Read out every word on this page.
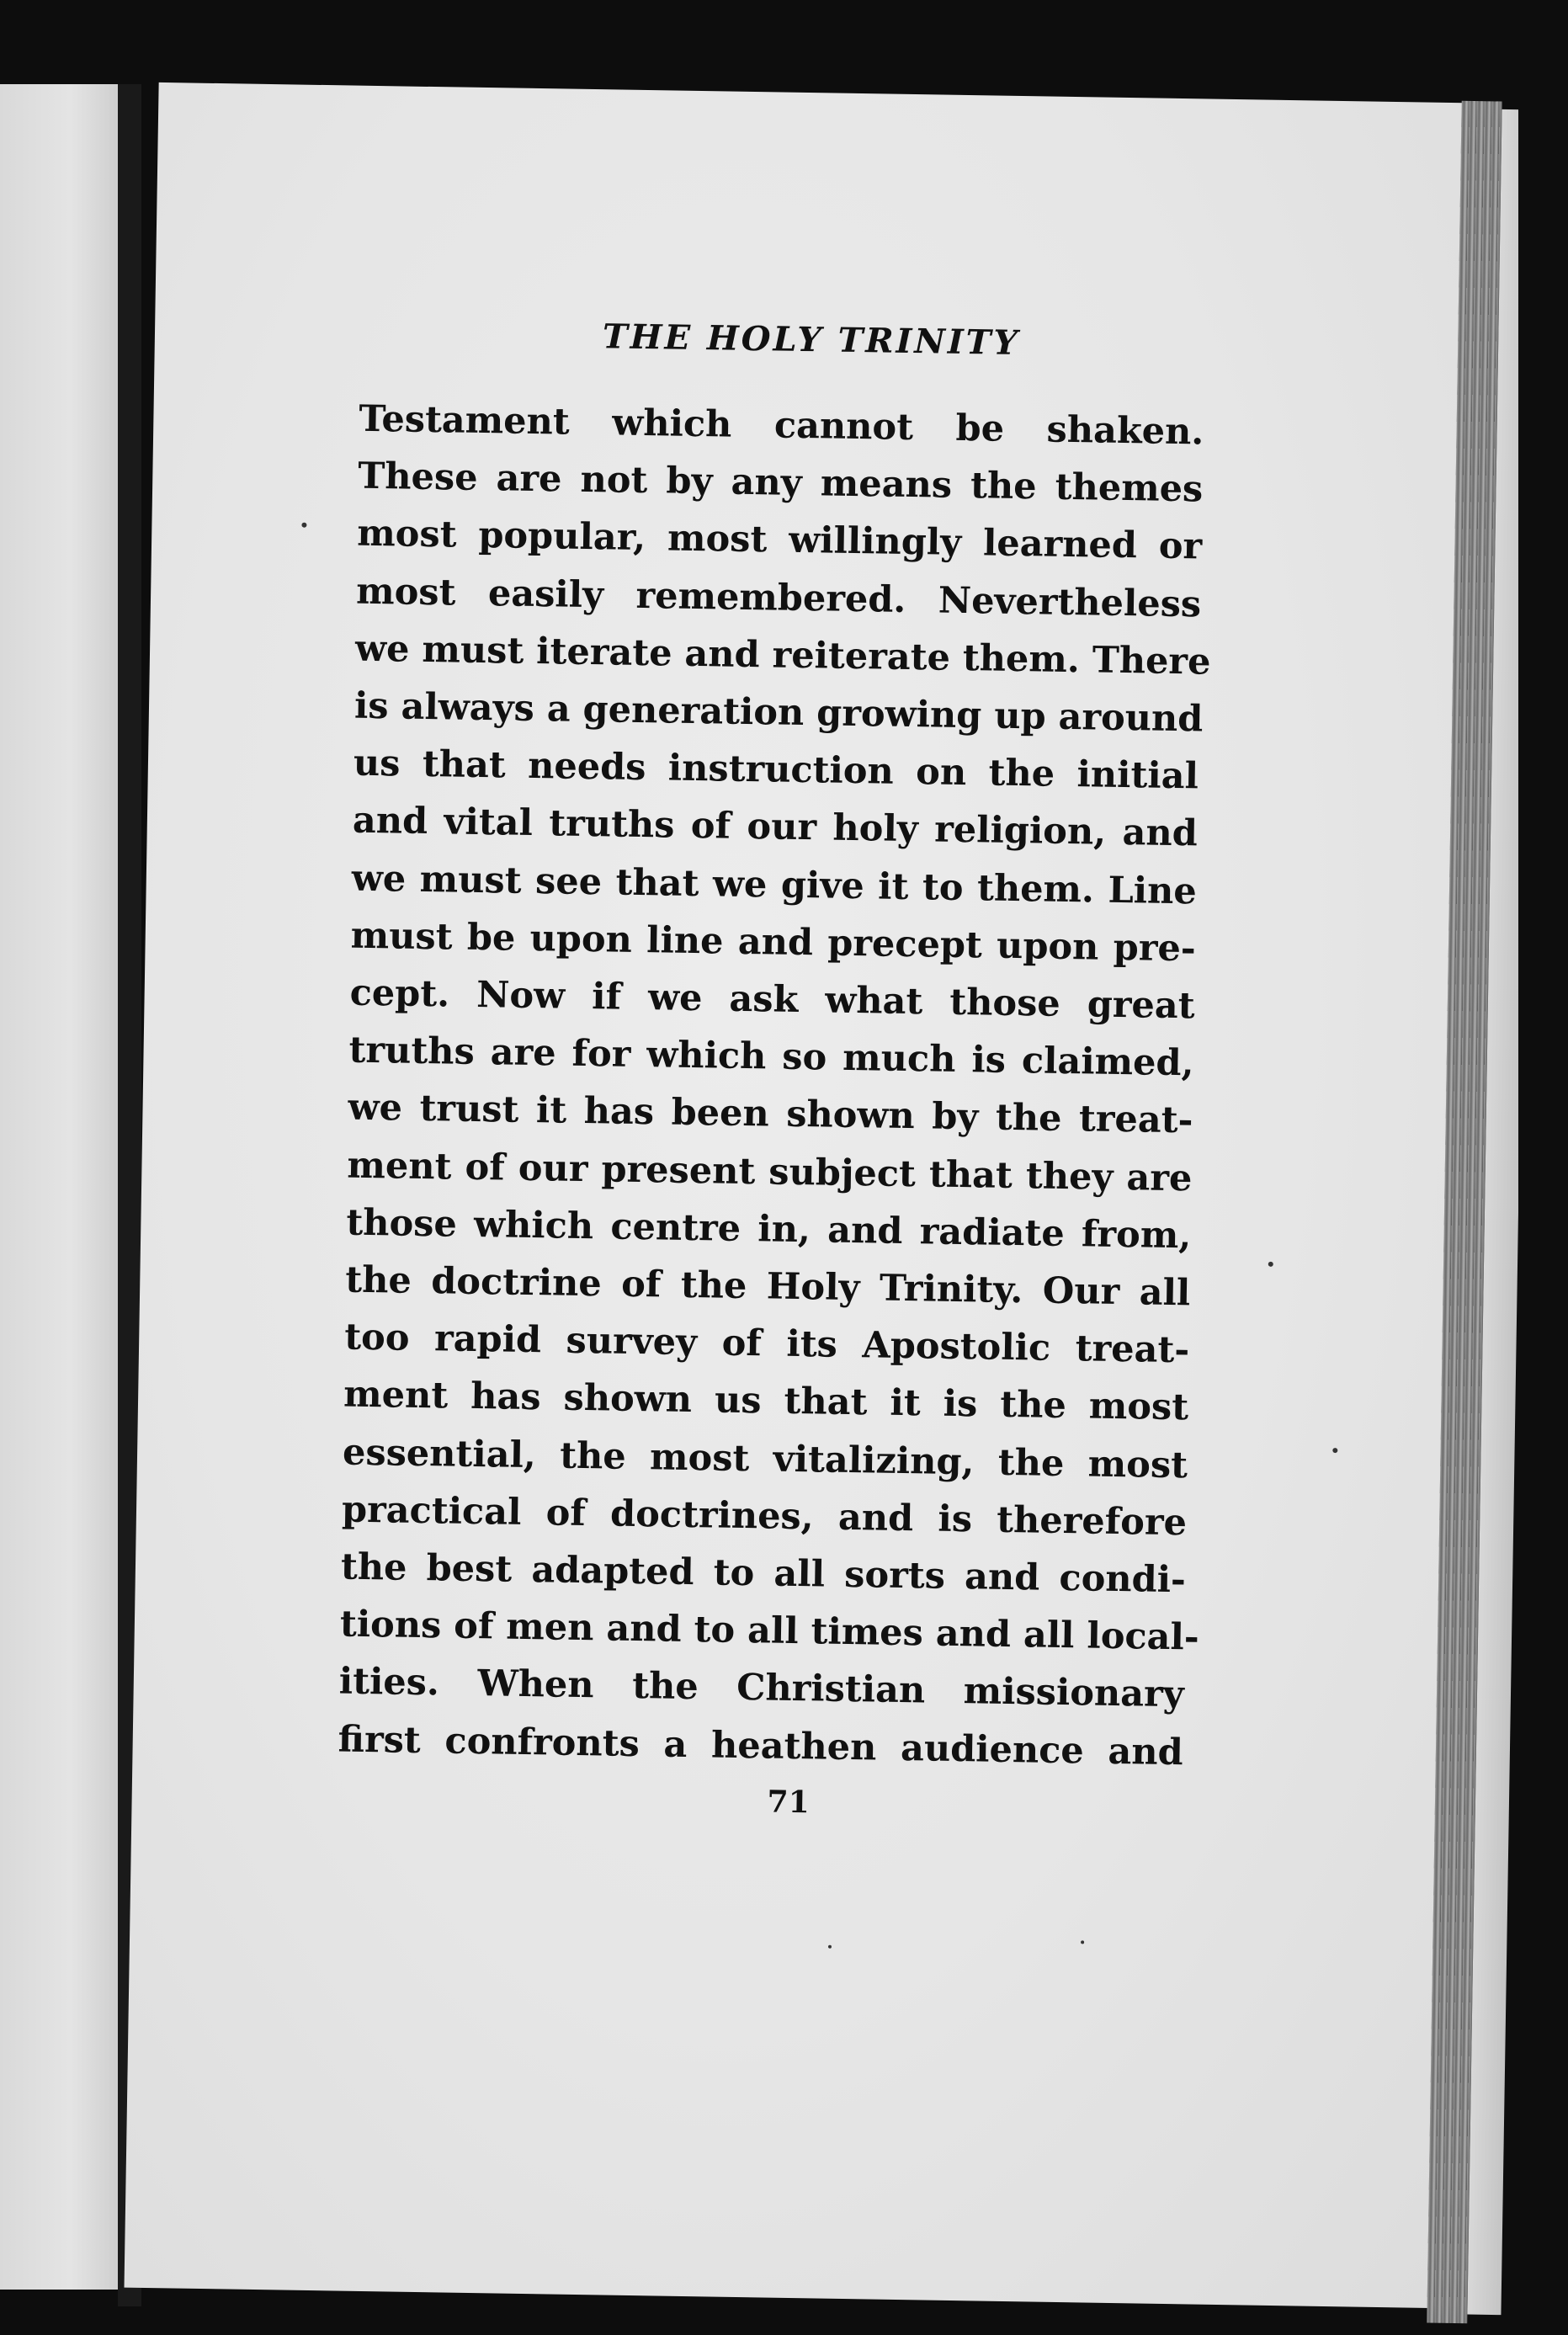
THE HOLY TRINITY
Testament which cannot be shaken.
These are not by any means the themes
most popular, most willingly learned or
most easily remembered. Nevertheless
we must iterate and reiterate them. There
is always a generation growing up around
us that needs instruction on the initial
and vital truths of our holy religion, and
we must see that we give it to them. Line
must be upon line and precept upon pre-
cept. Now if we ask what those great
truths are for which so much is claimed,
we trust it has been shown by the treat-
ment of our present subject that they are
those which centre in, and radiate from,
the doctrine of the Holy Trinity. Our all
too rapid survey of its Apostolic treat-
ment has shown us that it is the most
essential, the most vitalizing, the most
practical of doctrines, and is therefore
the best adapted to all sorts and condi-
tions of men and to all times and all local-
ities. When the Christian missionary
first confronts a heathen audience and
71
